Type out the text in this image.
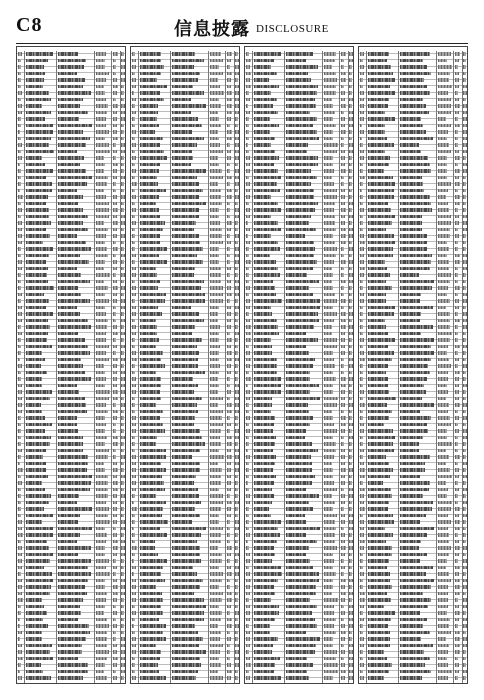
C8	信息披露 DISCLOSURE
